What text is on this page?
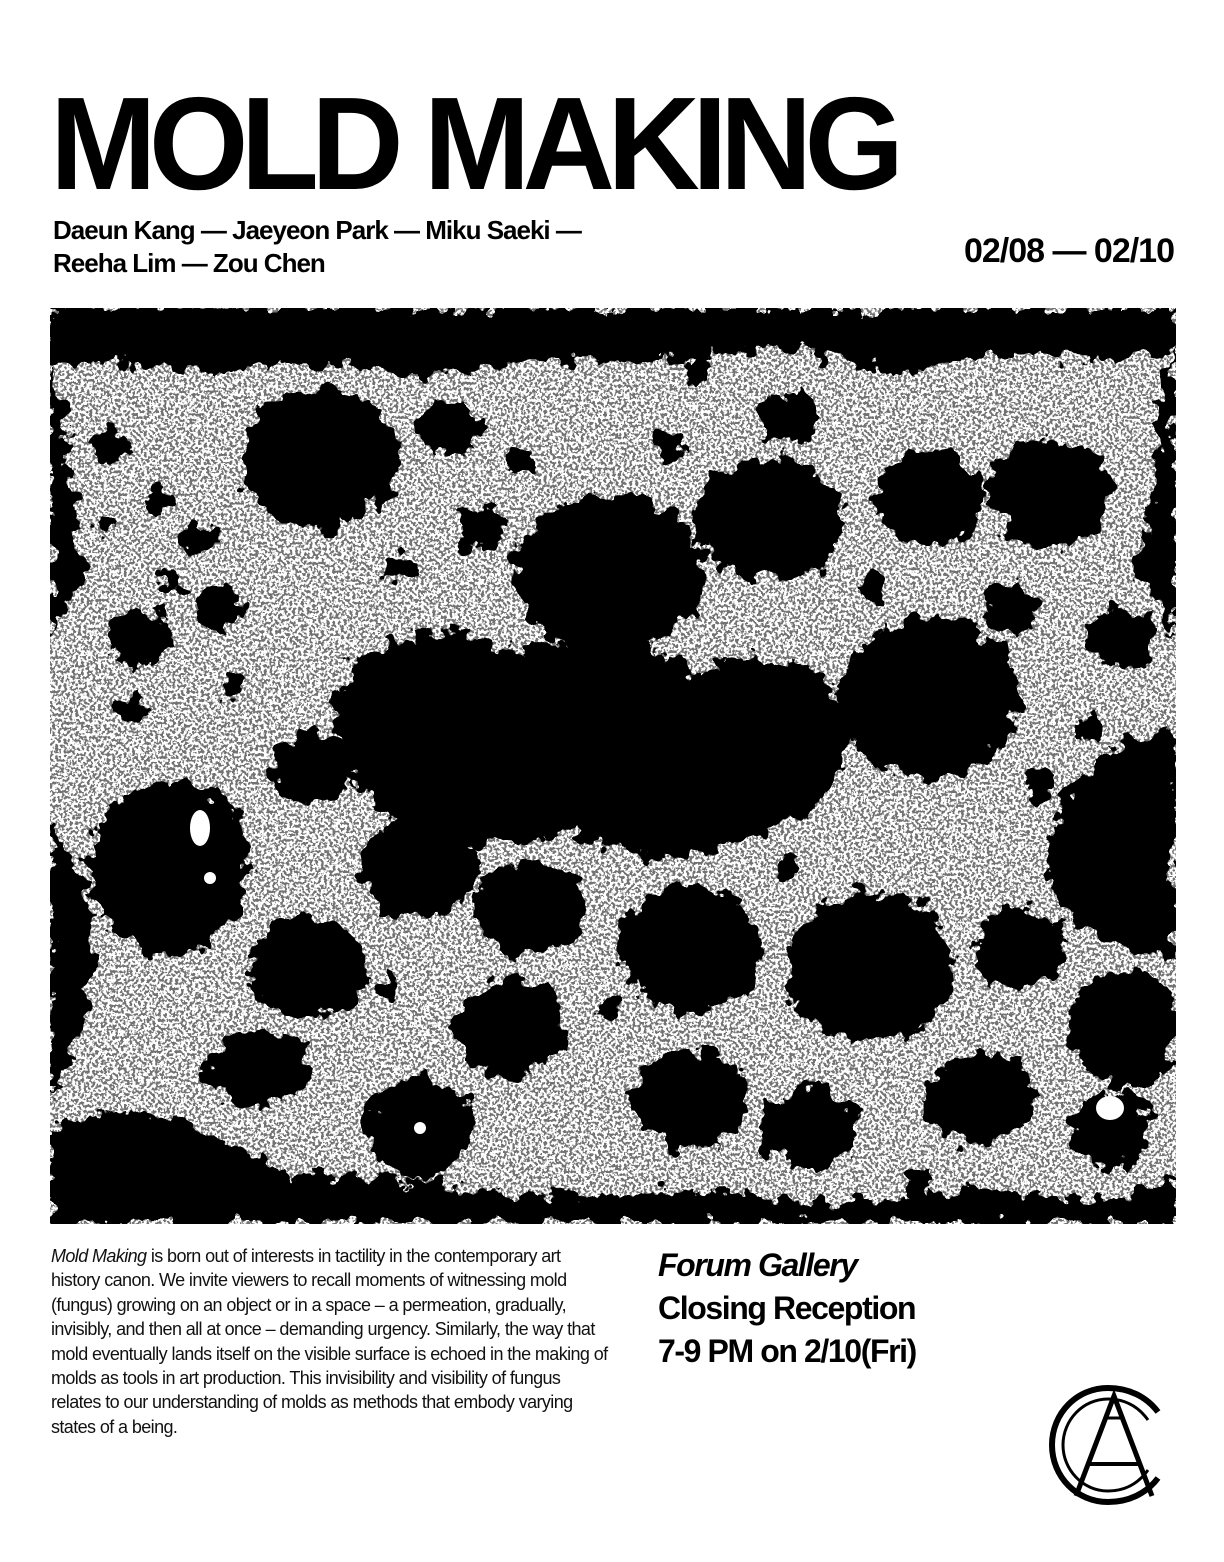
MOLD MAKING
Daeun Kang — Jaeyeon Park — Miku Saeki —
Reeha Lim — Zou Chen	02/08 — 02/10

Mold Making is born out of interests in tactility in the contemporary art history canon. We invite viewers to recall moments of witnessing mold (fungus) growing on an object or in a space – a permeation, gradually, invisibly, and then all at once – demanding urgency. Similarly, the way that mold eventually lands itself on the visible surface is echoed in the making of molds as tools in art production. This invisibility and visibility of fungus relates to our understanding of molds as methods that embody varying states of a being.

Forum Gallery
Closing Reception
7-9 PM on 2/10(Fri)
